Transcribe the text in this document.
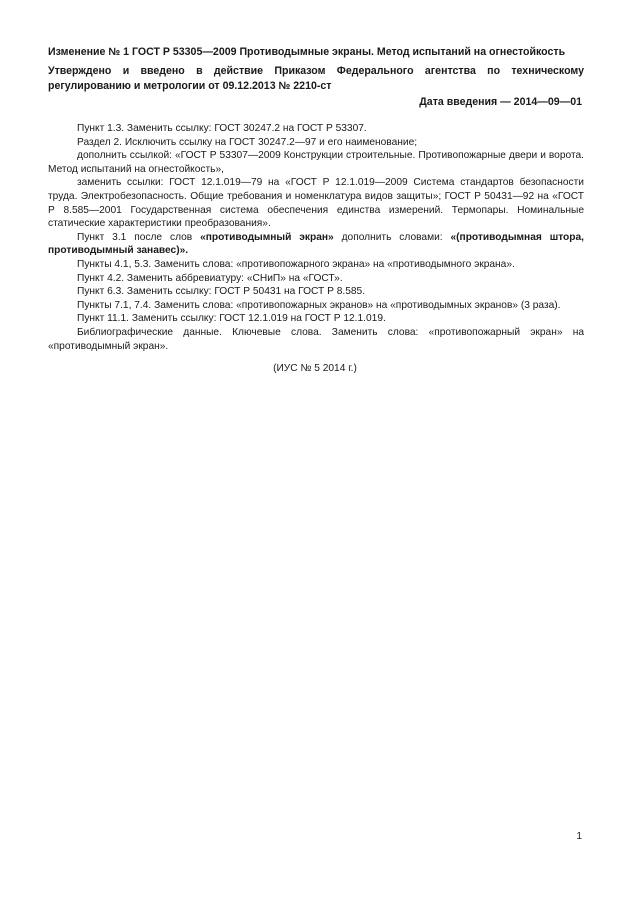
Изменение № 1 ГОСТ Р 53305—2009 Противодымные экраны. Метод испытаний на огнестойкость

Утверждено и введено в действие Приказом Федерального агентства по техническому регулированию и метрологии от 09.12.2013 № 2210-ст

Дата введения — 2014—09—01

Пункт 1.3. Заменить ссылку: ГОСТ 30247.2 на ГОСТ Р 53307.

Раздел 2. Исключить ссылку на ГОСТ 30247.2—97 и его наименование;

дополнить ссылкой: «ГОСТ Р 53307—2009 Конструкции строительные. Противопожарные двери и ворота. Метод испытаний на огнестойкость»,

заменить ссылки: ГОСТ 12.1.019—79 на «ГОСТ Р 12.1.019—2009 Система стандартов безопасности труда. Электробезопасность. Общие требования и номенклатура видов защиты»; ГОСТ Р 50431—92 на «ГОСТ Р 8.585—2001 Государственная система обеспечения единства измерений. Термопары. Номинальные статические характеристики преобразования».

Пункт 3.1 после слов «противодымный экран» дополнить словами: «(противодымная штора, противодымный занавес)».

Пункты 4.1, 5.3. Заменить слова: «противопожарного экрана» на «противодымного экрана».

Пункт 4.2. Заменить аббревиатуру: «СНиП» на «ГОСТ».

Пункт 6.3. Заменить ссылку: ГОСТ Р 50431 на ГОСТ Р 8.585.

Пункты 7.1, 7.4. Заменить слова: «противопожарных экранов» на «противодымных экранов» (3 раза).

Пункт 11.1. Заменить ссылку: ГОСТ 12.1.019 на ГОСТ Р 12.1.019.

Библиографические данные. Ключевые слова. Заменить слова: «противопожарный экран» на «противодымный экран».

(ИУС № 5 2014 г.)
1
